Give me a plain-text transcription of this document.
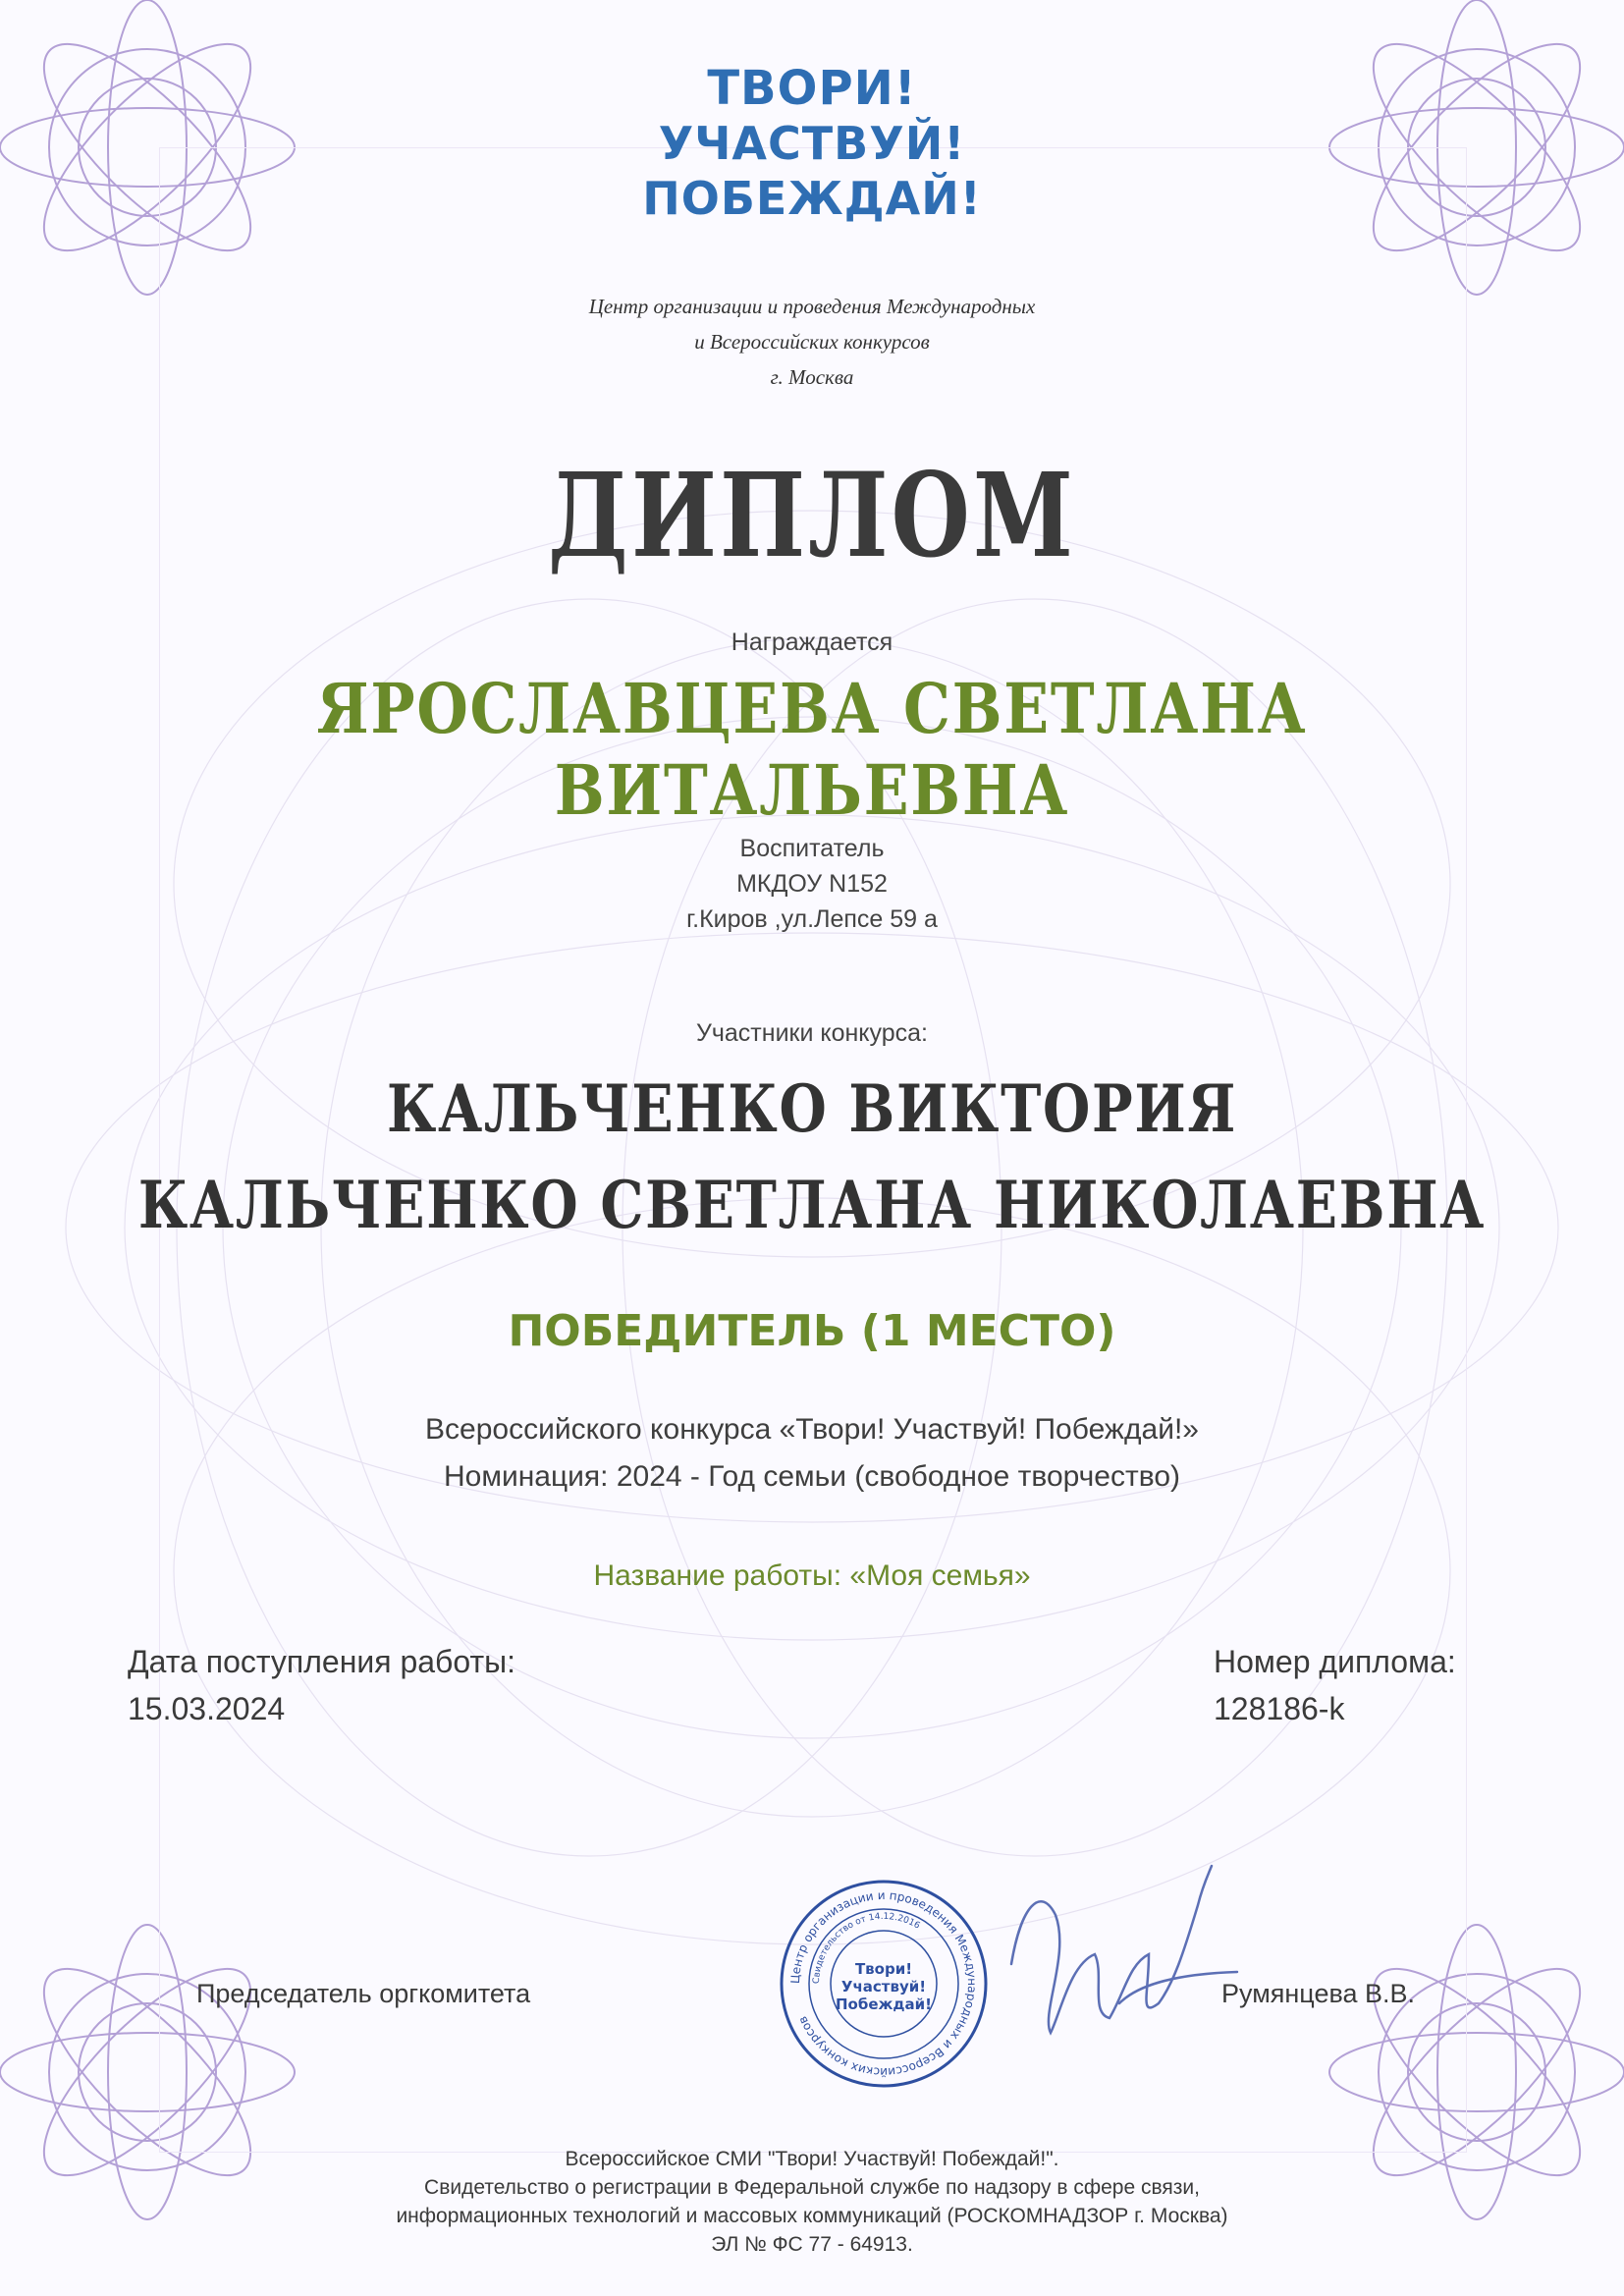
ТВОРИ!
УЧАСТВУЙ!
ПОБЕЖДАЙ!
Центр организации и проведения Международных
и Всероссийских конкурсов
г. Москва
ДИПЛОМ
Награждается
ЯРОСЛАВЦЕВА СВЕТЛАНА ВИТАЛЬЕВНА
Воспитатель
МКДОУ N152
г.Киров ,ул.Лепсе 59 а
Участники конкурса:
КАЛЬЧЕНКО ВИКТОРИЯ
КАЛЬЧЕНКО СВЕТЛАНА НИКОЛАЕВНА
ПОБЕДИТЕЛЬ (1 МЕСТО)
Всероссийского конкурса «Твори! Участвуй! Побеждай!»
Номинация: 2024 - Год семьи (свободное творчество)
Название работы: «Моя семья»
Дата поступления работы:
15.03.2024
Номер диплома:
128186-k
Председатель оргкомитета	Румянцева В.В.
Центр организации и проведения Международных и Всероссийских конкурсов
Свидетельство от 14.12.2016
Твори!
Участвуй!
Побеждай!
Всероссийское СМИ "Твори! Участвуй! Побеждай!".
Свидетельство о регистрации в Федеральной службе по надзору в сфере связи,
информационных технологий и массовых коммуникаций (РОСКОМНАДЗОР г. Москва)
ЭЛ № ФС 77 - 64913.
